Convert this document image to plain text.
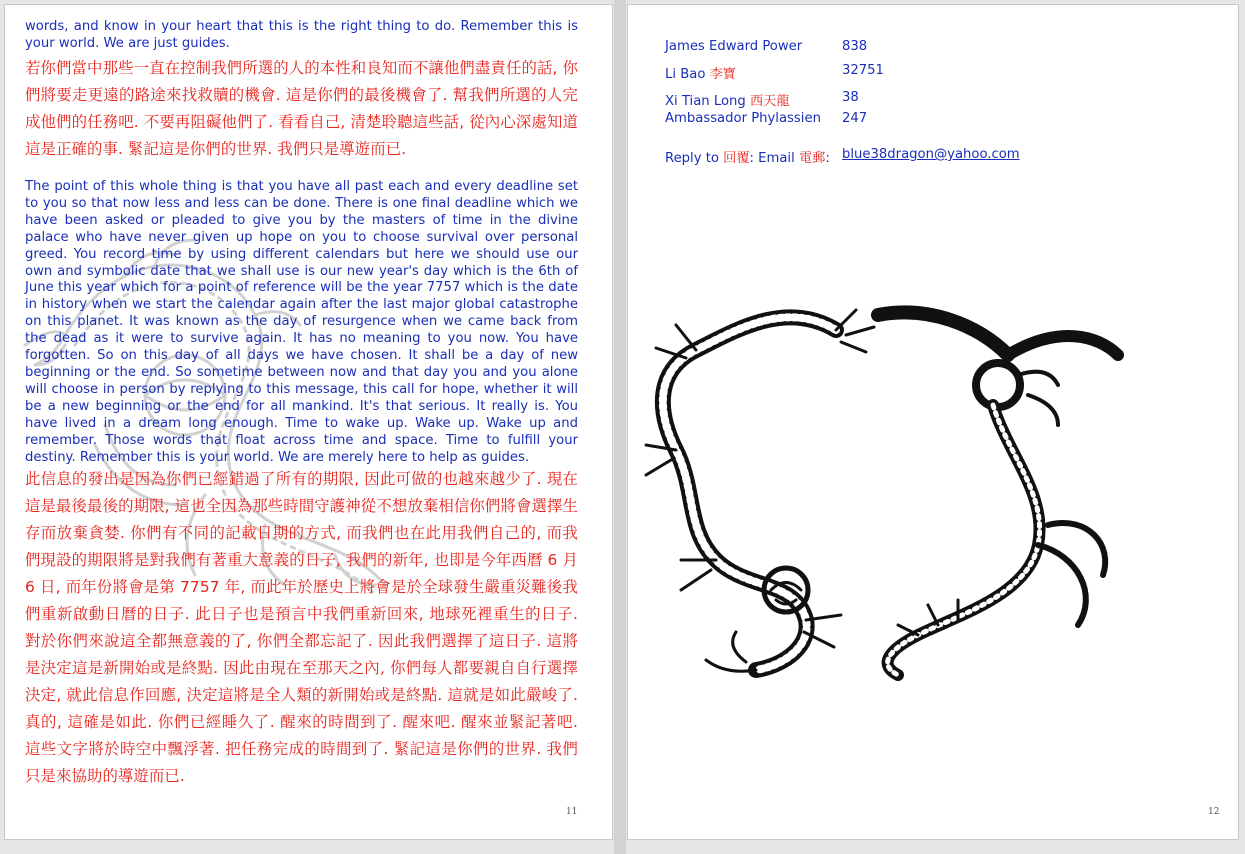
words, and know in your heart that this is the right thing to do. Remember this is your world. We are just guides.

若你們當中那些一直在控制我們所選的人的本性和良知而不讓他們盡責任的話, 你們將要走更遠的路途來找救贖的機會. 這是你們的最後機會了. 幫我們所選的人完成他們的任務吧. 不要再阻礙他們了. 看看自己, 清楚聆聽這些話, 從內心深處知道這是正確的事. 緊記這是你們的世界. 我們只是導遊而已.

The point of this whole thing is that you have all past each and every deadline set to you so that now less and less can be done. There is one final deadline which we have been asked or pleaded to give you by the masters of time in the divine palace who have never given up hope on you to choose survival over personal greed. You record time by using different calendars but here we should use our own and symbolic date that we shall use is our new year's day which is the 6th of June this year which for a point of reference will be the year 7757 which is the date in history when we start the calendar again after the last major global catastrophe on this planet. It was known as the day of resurgence when we came back from the dead as it were to survive again. It has no meaning to you now. You have forgotten. So on this day of all days we have chosen. It shall be a day of new beginning or the end. So sometime between now and that day you and you alone will choose in person by replying to this message, this call for hope, whether it will be a new beginning or the end for all mankind. It's that serious. It really is. You have lived in a dream long enough. Time to wake up. Wake up. Wake up and remember. Those words that float across time and space. Time to fulfill your destiny. Remember this is your world. We are merely here to help as guides.

此信息的發出是因為你們已經錯過了所有的期限, 因此可做的也越來越少了. 現在這是最後最後的期限, 這也全因為那些時間守護神從不想放棄相信你們將會選擇生存而放棄貪婪. 你們有不同的記載日期的方式, 而我們也在此用我們自己的, 而我們現設的期限將是對我們有著重大意義的日子, 我們的新年, 也即是今年西曆 6 月 6 日, 而年份將會是第 7757 年, 而此年於歷史上將會是於全球發生嚴重災難後我們重新啟動日曆的日子. 此日子也是預言中我們重新回來, 地球死裡重生的日子. 對於你們來說這全都無意義的了, 你們全都忘記了. 因此我們選擇了這日子. 這將是決定這是新開始或是終點. 因此由現在至那天之內, 你們每人都要親自自行選擇決定, 就此信息作回應, 決定這將是全人類的新開始或是終點. 這就是如此嚴峻了. 真的, 這確是如此. 你們已經睡久了. 醒來的時間到了. 醒來吧. 醒來並緊記著吧. 這些文字將於時空中飄浮著. 把任務完成的時間到了. 緊記這是你們的世界. 我們只是來協助的導遊而已.

11
James Edward Power	838
Li Bao 李寶	32751
Xi Tian Long 西天龍	38
Ambassador Phylassien 247
Reply to 回覆: Email 電郵: blue38dragon@yahoo.com
12
